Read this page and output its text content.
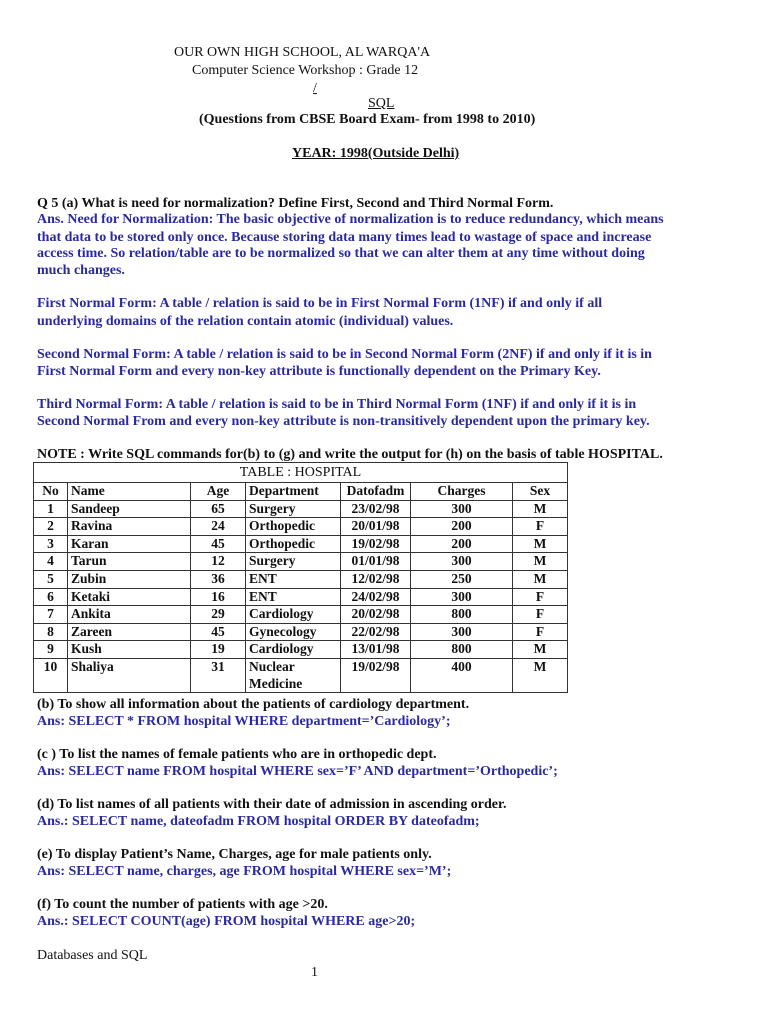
OUR OWN HIGH SCHOOL, AL WARQA'A
Computer Science Workshop : Grade 12
/
SQL
(Questions from CBSE Board Exam- from 1998 to 2010)
YEAR: 1998(Outside Delhi)
Q 5 (a) What is need for normalization? Define First, Second and Third Normal Form.
Ans. Need for Normalization: The basic objective of normalization is to reduce redundancy, which means
that data to be stored only once. Because storing data many times lead to wastage of space and increase
access time. So relation/table are to be normalized so that we can alter them at any time without doing
much changes.
First Normal Form: A table / relation is said to be in First Normal Form (1NF) if and only if all
underlying domains of the relation contain atomic (individual) values.
Second Normal Form: A table / relation is said to be in Second Normal Form (2NF) if and only if it is in
First Normal Form and every non-key attribute is functionally dependent on the Primary Key.
Third Normal Form: A table / relation is said to be in Third Normal Form (1NF) if and only if it is in
Second Normal From and every non-key attribute is non-transitively dependent upon the primary key.
NOTE : Write SQL commands for(b) to (g) and write the output for (h) on the basis of table HOSPITAL.
TABLE : HOSPITAL						
No	Name	Age	Department	Datofadm	Charges	Sex
1	Sandeep	65	Surgery	23/02/98	300	M
2	Ravina	24	Orthopedic	20/01/98	200	F
3	Karan	45	Orthopedic	19/02/98	200	M
4	Tarun	12	Surgery	01/01/98	300	M
5	Zubin	36	ENT	12/02/98	250	M
6	Ketaki	16	ENT	24/02/98	300	F
7	Ankita	29	Cardiology	20/02/98	800	F
8	Zareen	45	Gynecology	22/02/98	300	F
9	Kush	19	Cardiology	13/01/98	800	M
10	Shaliya	31	Nuclear Medicine	19/02/98	400	M
(b) To show all information about the patients of cardiology department.
Ans: SELECT * FROM hospital WHERE department=’Cardiology’;
(c ) To list the names of female patients who are in orthopedic dept.
Ans: SELECT name FROM hospital WHERE sex=’F’ AND department=’Orthopedic’;
(d) To list names of all patients with their date of admission in ascending order.
Ans.: SELECT name, dateofadm FROM hospital ORDER BY dateofadm;
(e) To display Patient’s Name, Charges, age for male patients only.
Ans: SELECT name, charges, age FROM hospital WHERE sex=’M’;
(f) To count the number of patients with age >20.
Ans.: SELECT COUNT(age) FROM hospital WHERE age>20;
Databases and SQL
1
